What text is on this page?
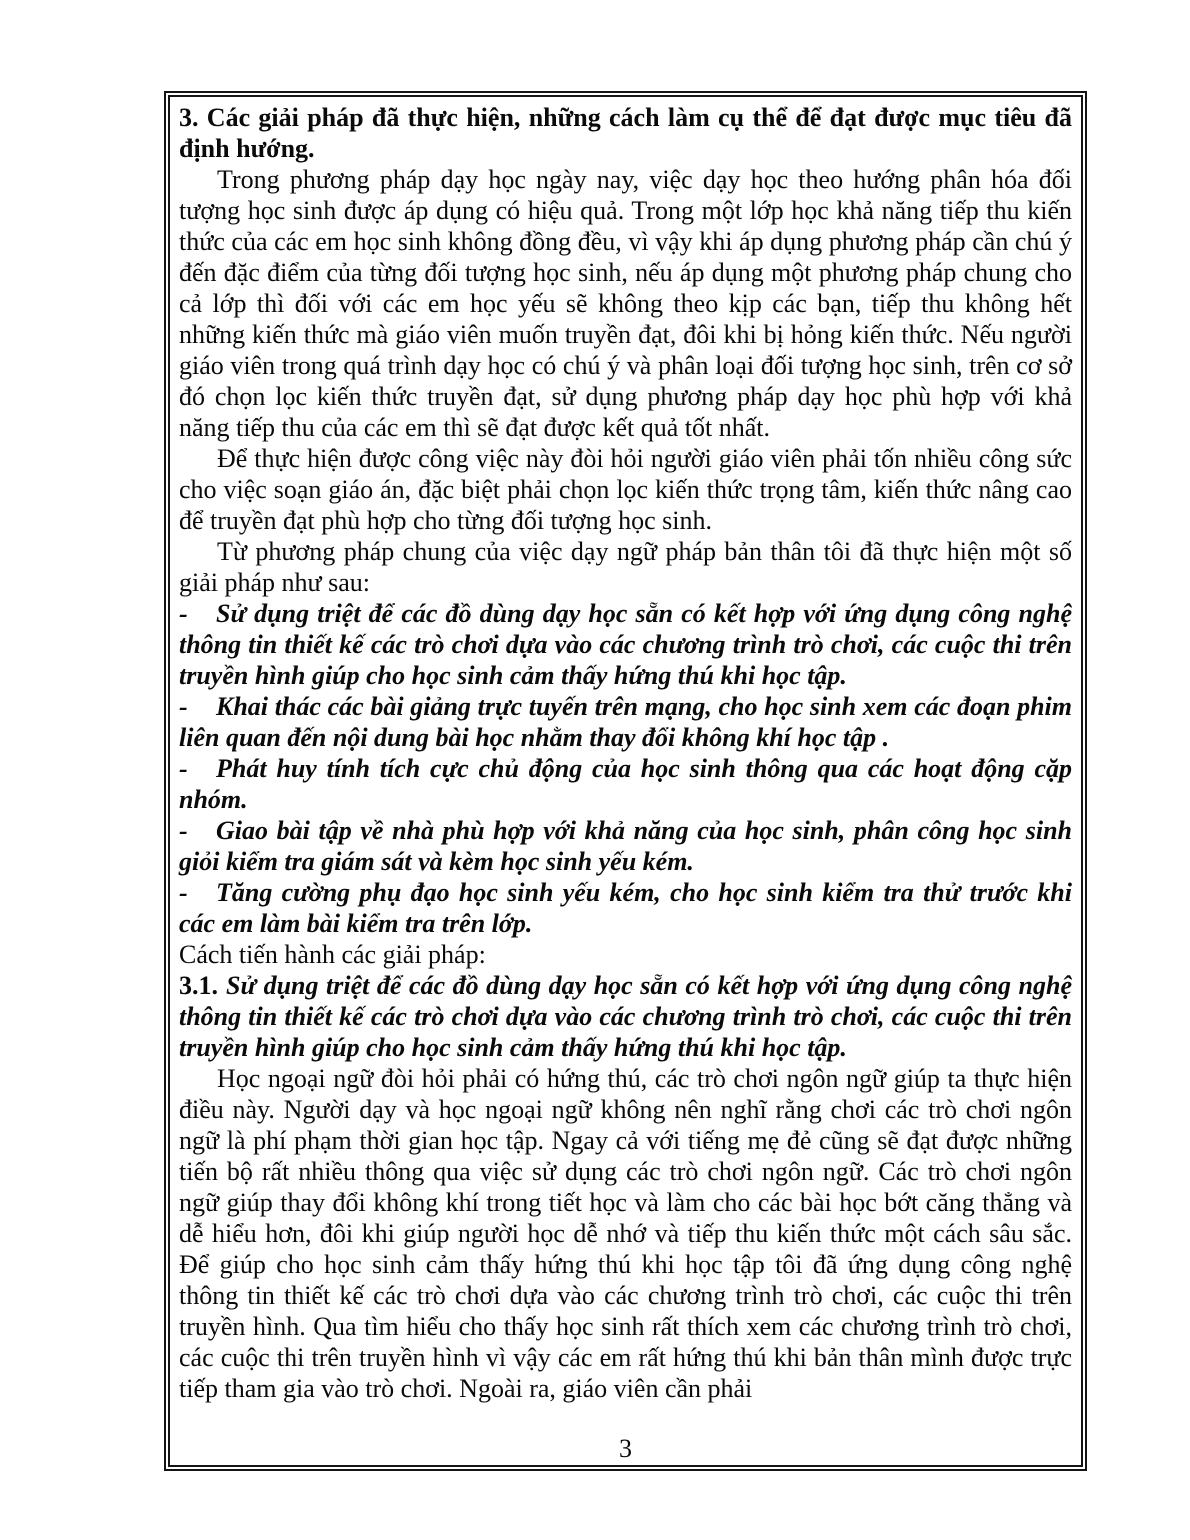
3. Các giải pháp đã thực hiện, những cách làm cụ thể để đạt được mục tiêu đã định hướng.

Trong phương pháp dạy học ngày nay, việc dạy học theo hướng phân hóa đối tượng học sinh được áp dụng có hiệu quả. Trong một lớp học khả năng tiếp thu kiến thức của các em học sinh không đồng đều, vì vậy khi áp dụng phương pháp cần chú ý đến đặc điểm của từng đối tượng học sinh, nếu áp dụng một phương pháp chung cho cả lớp thì đối với các em học yếu sẽ không theo kịp các bạn, tiếp thu không hết những kiến thức mà giáo viên muốn truyền đạt, đôi khi bị hỏng kiến thức. Nếu người giáo viên trong quá trình dạy học có chú ý và phân loại đối tượng học sinh, trên cơ sở đó chọn lọc kiến thức truyền đạt, sử dụng phương pháp dạy học phù hợp với khả năng tiếp thu của các em thì sẽ đạt được kết quả tốt nhất.

Để thực hiện được công việc này đòi hỏi người giáo viên phải tốn nhiều công sức cho việc soạn giáo án, đặc biệt phải chọn lọc kiến thức trọng tâm, kiến thức nâng cao để truyền đạt phù hợp cho từng đối tượng học sinh.

Từ phương pháp chung của việc dạy ngữ pháp bản thân tôi đã thực hiện một số giải pháp như sau:

- Sử dụng triệt để các đồ dùng dạy học sẵn có kết hợp với ứng dụng công nghệ thông tin thiết kế các trò chơi dựa vào các chương trình trò chơi, các cuộc thi trên truyền hình giúp cho học sinh cảm thấy hứng thú khi học tập.

- Khai thác các bài giảng trực tuyến trên mạng, cho học sinh xem các đoạn phim liên quan đến nội dung bài học nhằm thay đổi không khí học tập .

- Phát huy tính tích cực chủ động của học sinh thông qua các hoạt động cặp nhóm.

- Giao bài tập về nhà phù hợp với khả năng của học sinh, phân công học sinh giỏi kiểm tra giám sát và kèm học sinh yếu kém.

- Tăng cường phụ đạo học sinh yếu kém, cho học sinh kiểm tra thử trước khi các em làm bài kiểm tra trên lớp.

Cách tiến hành các giải pháp:

3.1. Sử dụng triệt để các đồ dùng dạy học sẵn có kết hợp với ứng dụng công nghệ thông tin thiết kế các trò chơi dựa vào các chương trình trò chơi, các cuộc thi trên truyền hình giúp cho học sinh cảm thấy hứng thú khi học tập.

Học ngoại ngữ đòi hỏi phải có hứng thú, các trò chơi ngôn ngữ giúp ta thực hiện điều này. Người dạy và học ngoại ngữ không nên nghĩ rằng chơi các trò chơi ngôn ngữ là phí phạm thời gian học tập. Ngay cả với tiếng mẹ đẻ cũng sẽ đạt được những tiến bộ rất nhiều thông qua việc sử dụng các trò chơi ngôn ngữ. Các trò chơi ngôn ngữ giúp thay đổi không khí trong tiết học và làm cho các bài học bớt căng thẳng và dễ hiểu hơn, đôi khi giúp người học dễ nhớ và tiếp thu kiến thức một cách sâu sắc. Để giúp cho học sinh cảm thấy hứng thú khi học tập tôi đã ứng dụng công nghệ thông tin thiết kế các trò chơi dựa vào các chương trình trò chơi, các cuộc thi trên truyền hình. Qua tìm hiểu cho thấy học sinh rất thích xem các chương trình trò chơi, các cuộc thi trên truyền hình vì vậy các em rất hứng thú khi bản thân mình được trực tiếp tham gia vào trò chơi. Ngoài ra, giáo viên cần phải

3
